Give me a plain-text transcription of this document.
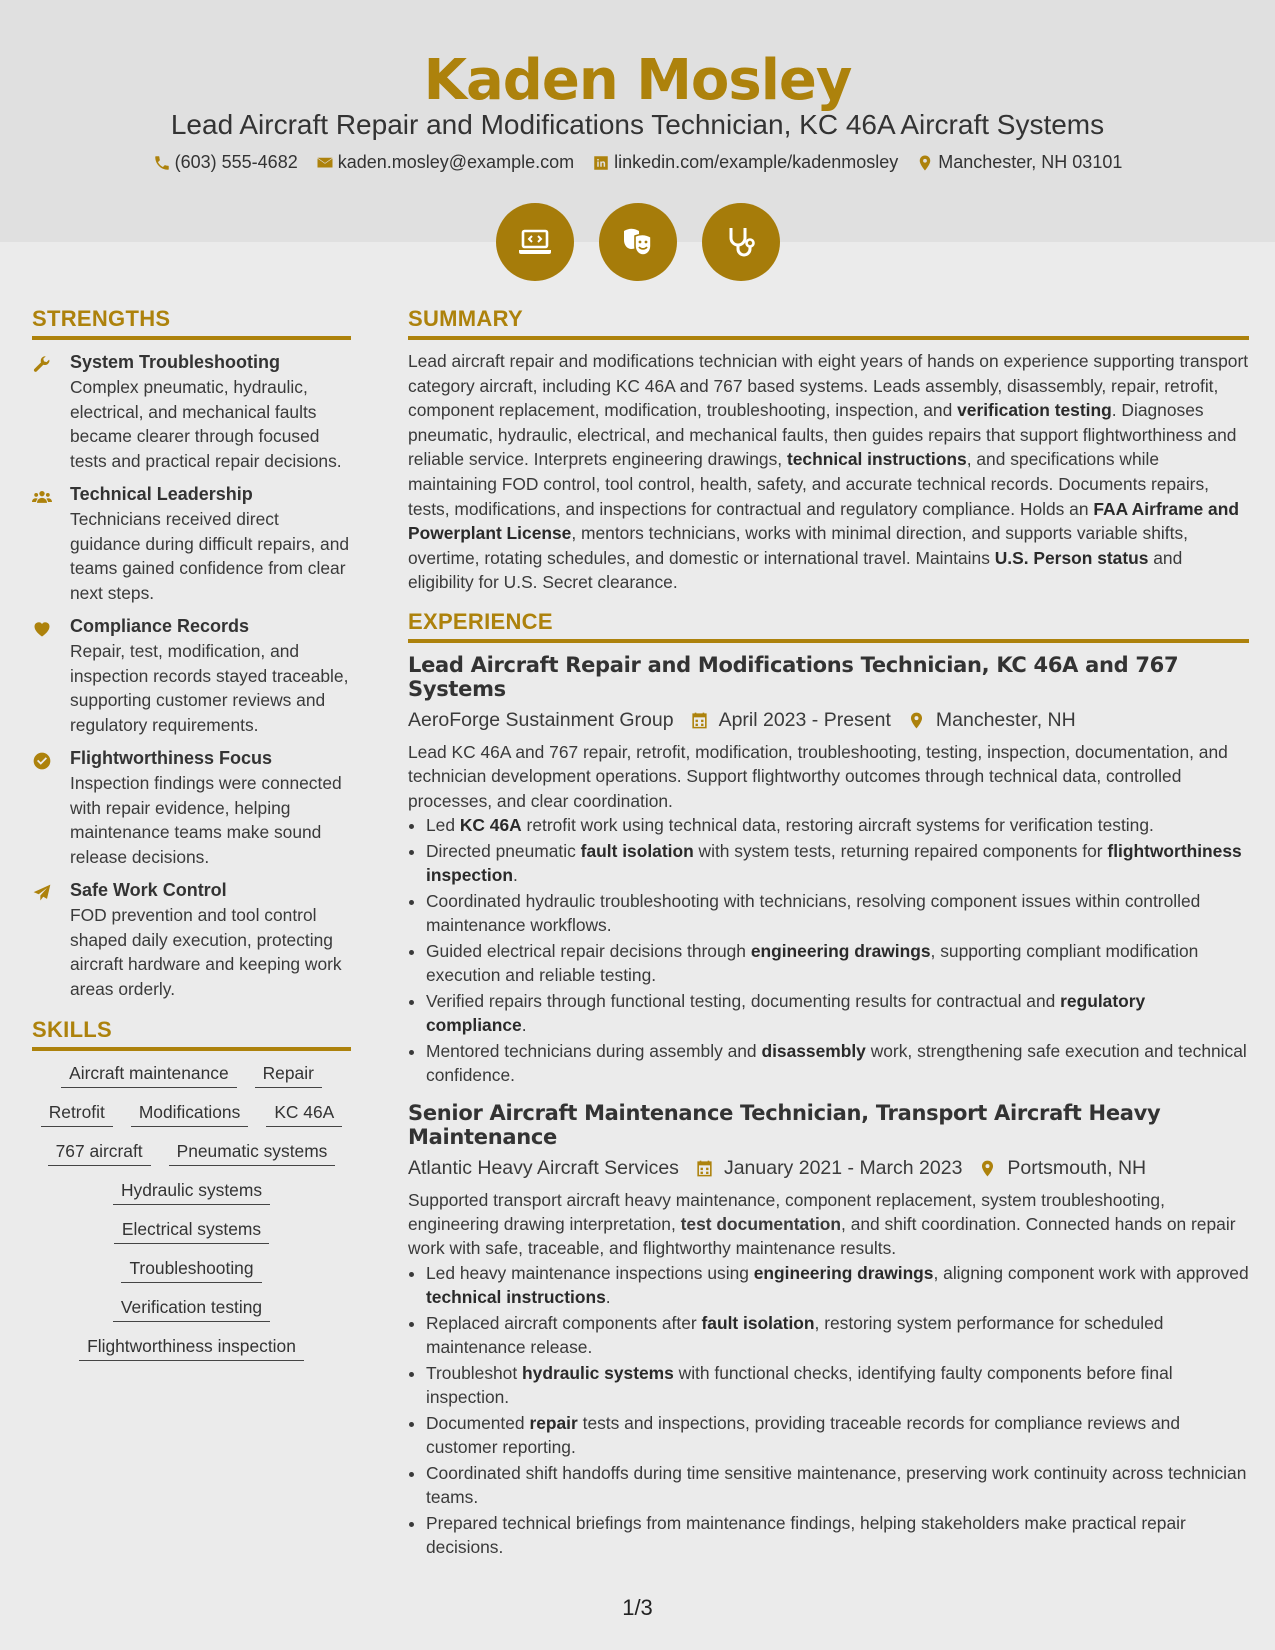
Kaden Mosley
Lead Aircraft Repair and Modifications Technician, KC 46A Aircraft Systems
(603) 555-4682 kaden.mosley@example.com linkedin.com/example/kadenmosley Manchester, NH 03101
STRENGTHS
System Troubleshooting
Complex pneumatic, hydraulic, electrical, and mechanical faults became clearer through focused tests and practical repair decisions.
Technical Leadership
Technicians received direct guidance during difficult repairs, and teams gained confidence from clear next steps.
Compliance Records
Repair, test, modification, and inspection records stayed traceable, supporting customer reviews and regulatory requirements.
Flightworthiness Focus
Inspection findings were connected with repair evidence, helping maintenance teams make sound release decisions.
Safe Work Control
FOD prevention and tool control shaped daily execution, protecting aircraft hardware and keeping work areas orderly.
SKILLS
Aircraft maintenance	Repair
Retrofit	Modifications	KC 46A
767 aircraft	Pneumatic systems
Hydraulic systems
Electrical systems
Troubleshooting
Verification testing
Flightworthiness inspection
SUMMARY
Lead aircraft repair and modifications technician with eight years of hands on experience supporting transport category aircraft, including KC 46A and 767 based systems. Leads assembly, disassembly, repair, retrofit, component replacement, modification, troubleshooting, inspection, and verification testing. Diagnoses pneumatic, hydraulic, electrical, and mechanical faults, then guides repairs that support flightworthiness and reliable service. Interprets engineering drawings, technical instructions, and specifications while maintaining FOD control, tool control, health, safety, and accurate technical records. Documents repairs, tests, modifications, and inspections for contractual and regulatory compliance. Holds an FAA Airframe and Powerplant License, mentors technicians, works with minimal direction, and supports variable shifts, overtime, rotating schedules, and domestic or international travel. Maintains U.S. Person status and eligibility for U.S. Secret clearance.
EXPERIENCE
Lead Aircraft Repair and Modifications Technician, KC 46A and 767 Systems
AeroForge Sustainment Group April 2023 - Present Manchester, NH
Lead KC 46A and 767 repair, retrofit, modification, troubleshooting, testing, inspection, documentation, and technician development operations. Support flightworthy outcomes through technical data, controlled processes, and clear coordination.
• Led KC 46A retrofit work using technical data, restoring aircraft systems for verification testing.
• Directed pneumatic fault isolation with system tests, returning repaired components for flightworthiness inspection.
• Coordinated hydraulic troubleshooting with technicians, resolving component issues within controlled maintenance workflows.
• Guided electrical repair decisions through engineering drawings, supporting compliant modification execution and reliable testing.
• Verified repairs through functional testing, documenting results for contractual and regulatory compliance.
• Mentored technicians during assembly and disassembly work, strengthening safe execution and technical confidence.
Senior Aircraft Maintenance Technician, Transport Aircraft Heavy Maintenance
Atlantic Heavy Aircraft Services January 2021 - March 2023 Portsmouth, NH
Supported transport aircraft heavy maintenance, component replacement, system troubleshooting, engineering drawing interpretation, test documentation, and shift coordination. Connected hands on repair work with safe, traceable, and flightworthy maintenance results.
• Led heavy maintenance inspections using engineering drawings, aligning component work with approved technical instructions.
• Replaced aircraft components after fault isolation, restoring system performance for scheduled maintenance release.
• Troubleshot hydraulic systems with functional checks, identifying faulty components before final inspection.
• Documented repair tests and inspections, providing traceable records for compliance reviews and customer reporting.
• Coordinated shift handoffs during time sensitive maintenance, preserving work continuity across technician teams.
• Prepared technical briefings from maintenance findings, helping stakeholders make practical repair decisions.
1/3
